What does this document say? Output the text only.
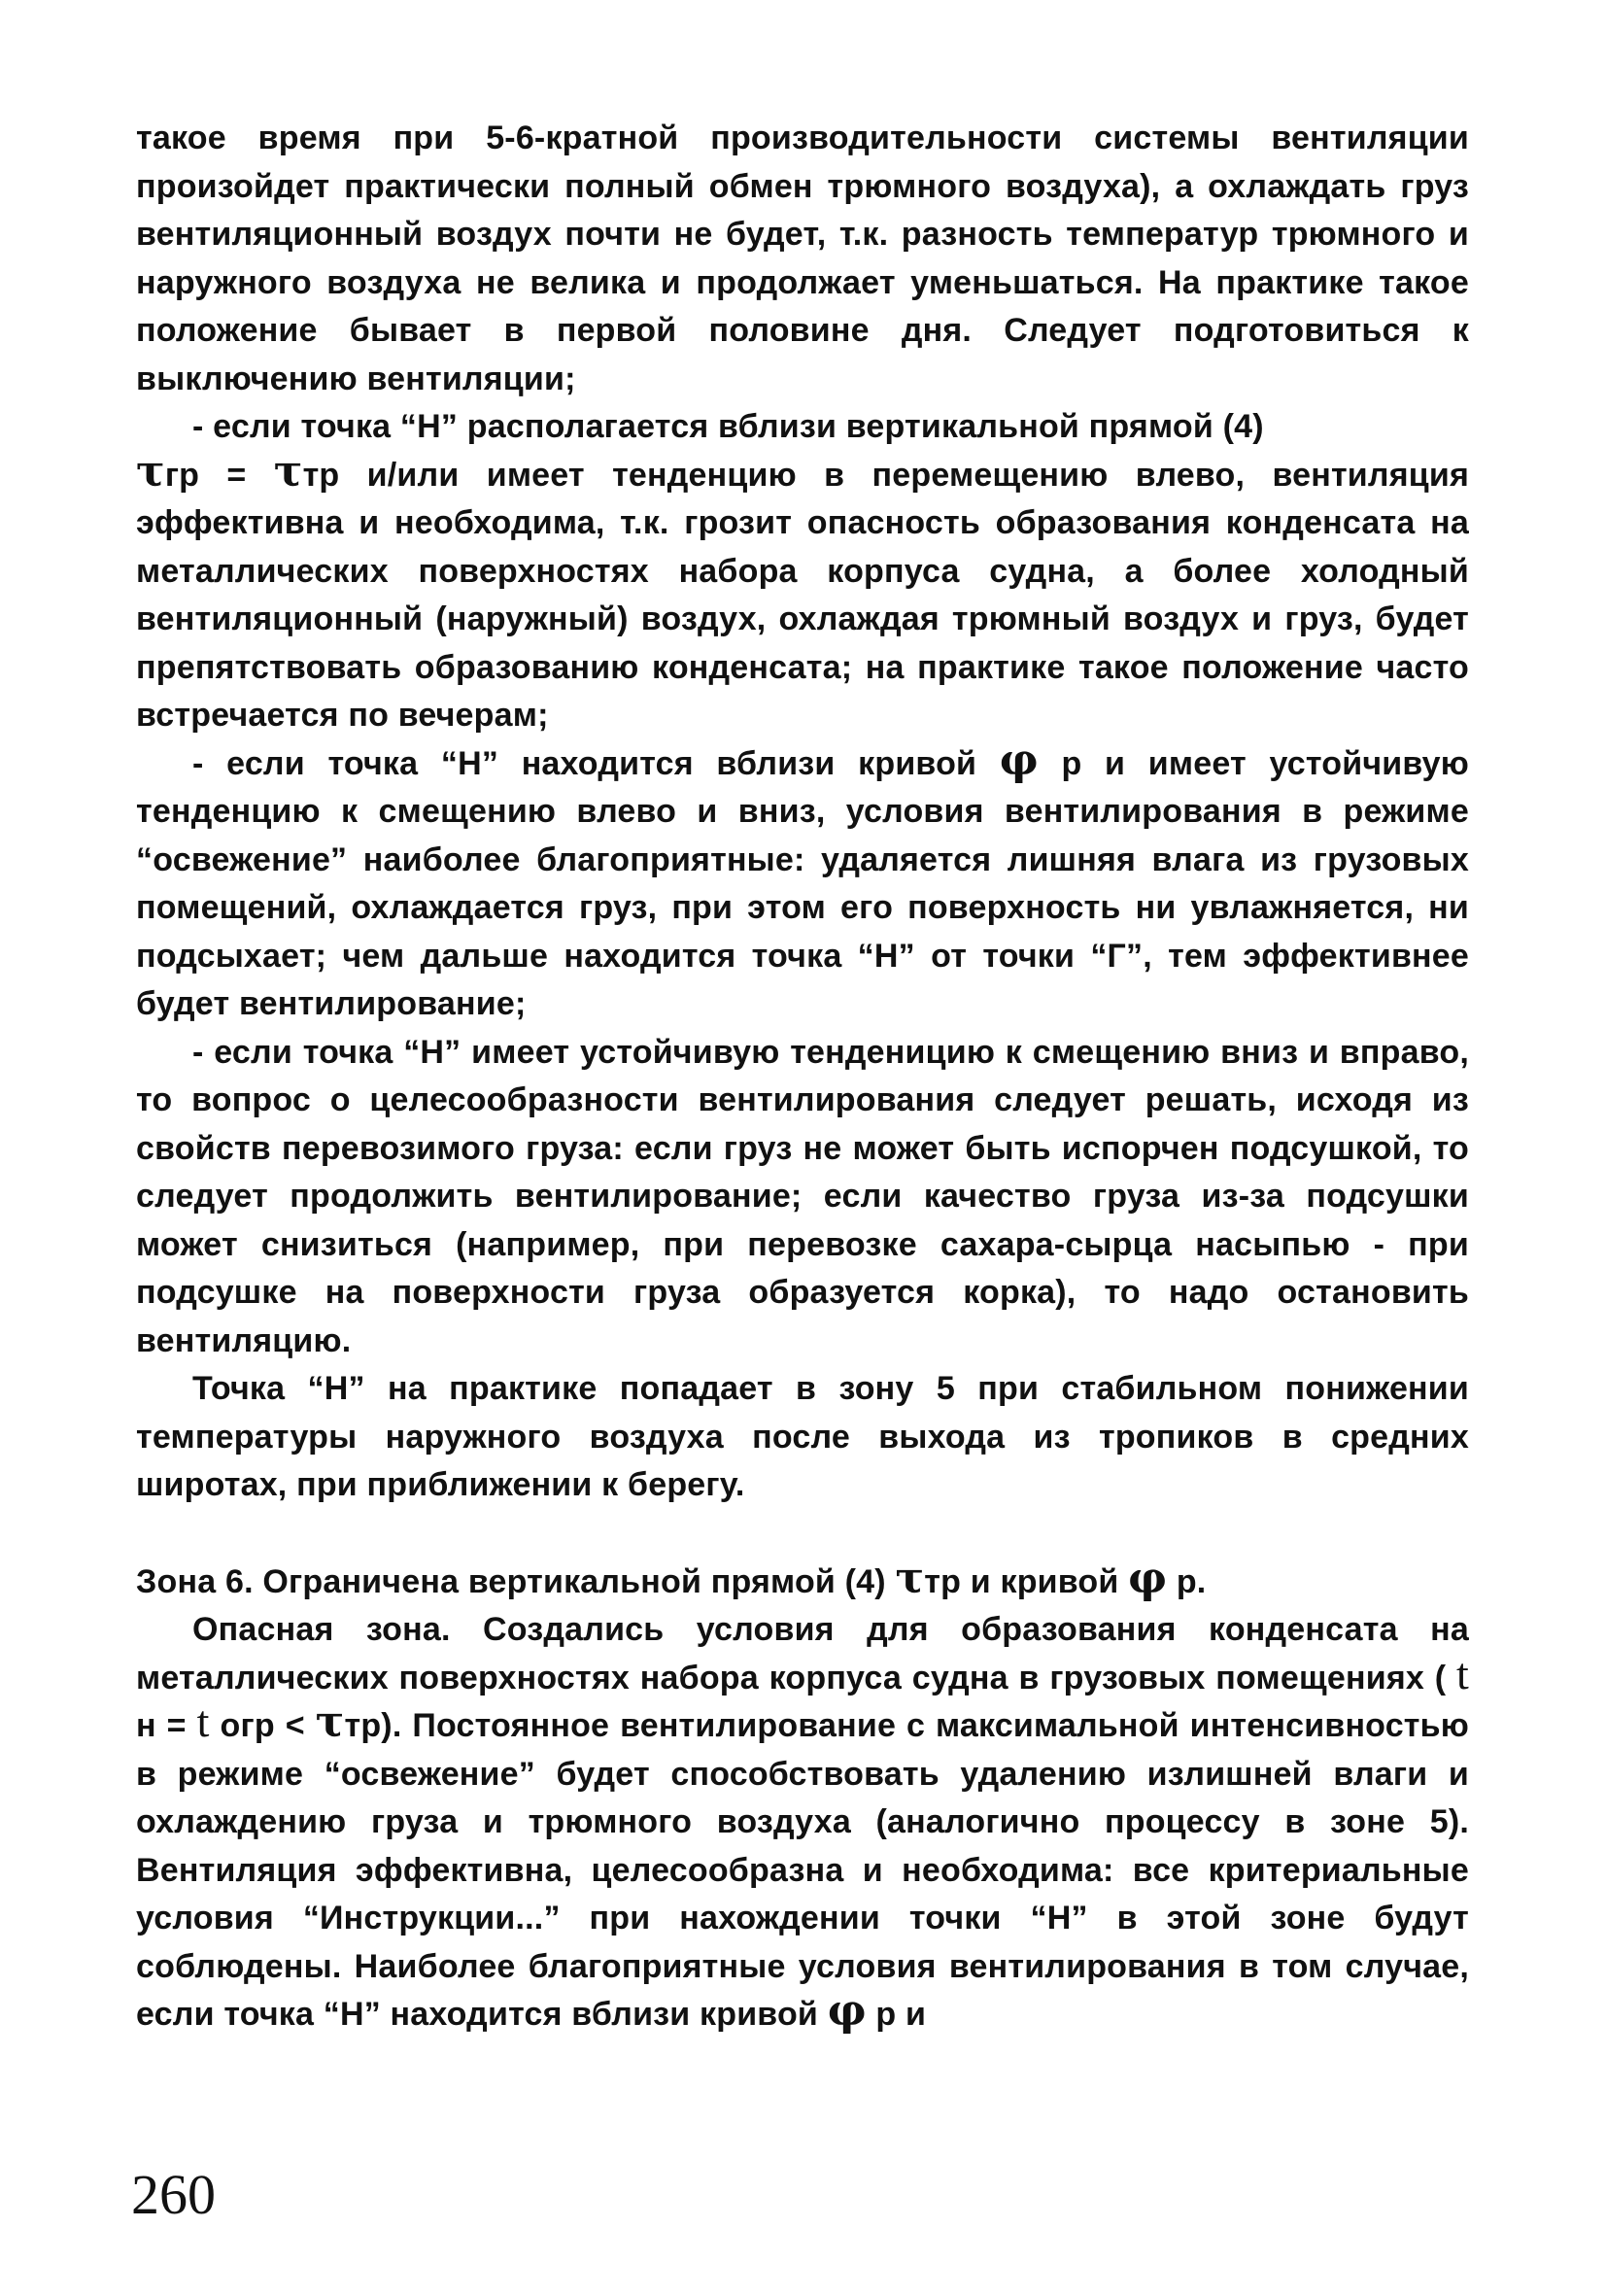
такое время при 5-6-кратной производительности системы вентиляции произойдет практически полный обмен трюмного воздуха), а охлаждать груз вентиляционный воздух почти не будет, т.к. разность температур трюмного и наружного воздуха не велика и продолжает уменьшаться. На практике такое положение бывает в первой половине дня. Следует подготовиться к выключению вентиляции;

- если точка “Н” располагается вблизи вертикальной прямой (4)
τгр = τтр и/или имеет тенденцию в перемещению влево, вентиляция эффективна и необходима, т.к. грозит опасность образования конденсата на металлических поверхностях набора корпуса судна, а более холодный вентиляционный (наружный) воздух, охлаждая трюмный воздух и груз, будет препятствовать образованию конденсата; на практике такое положение часто встречается по вечерам;

- если точка “Н” находится вблизи кривой φ р и имеет устойчивую тенденцию к смещению влево и вниз, условия вентилирования в режиме “освежение” наиболее благоприятные: удаляется лишняя влага из грузовых помещений, охлаждается груз, при этом его поверхность ни увлажняется, ни подсыхает; чем дальше находится точка “Н” от точки “Г”, тем эффективнее будет вентилирование;

- если точка “Н” имеет устойчивую тенденицию к смещению вниз и вправо, то вопрос о целесообразности вентилирования следует решать, исходя из свойств перевозимого груза: если груз не может быть испорчен подсушкой, то следует продолжить вентилирование; если качество груза из-за подсушки может снизиться (например, при перевозке сахара-сырца насыпью - при подсушке на поверхности груза образуется корка), то надо остановить вентиляцию.

Точка “Н” на практике попадает в зону 5 при стабильном понижении температуры наружного воздуха после выхода из тропиков в средних широтах, при приближении к берегу.

Зона 6. Ограничена вертикальной прямой (4) τтр и кривой φ р.

Опасная зона. Создались условия для образования конденсата на металлических поверхностях набора корпуса судна в грузовых помещениях ( t н = t огр < τтр). Постоянное вентилирование с максимальной интенсивностью в режиме “освежение” будет способствовать удалению излишней влаги и охлаждению груза и трюмного воздуха (аналогично процессу в зоне 5). Вентиляция эффективна, целесообразна и необходима: все критериальные условия “Инструкции...” при нахождении точки “Н” в этой зоне будут соблюдены. Наиболее благоприятные условия вентилирования в том случае, если точка “Н” находится вблизи кривой φ р и

260
